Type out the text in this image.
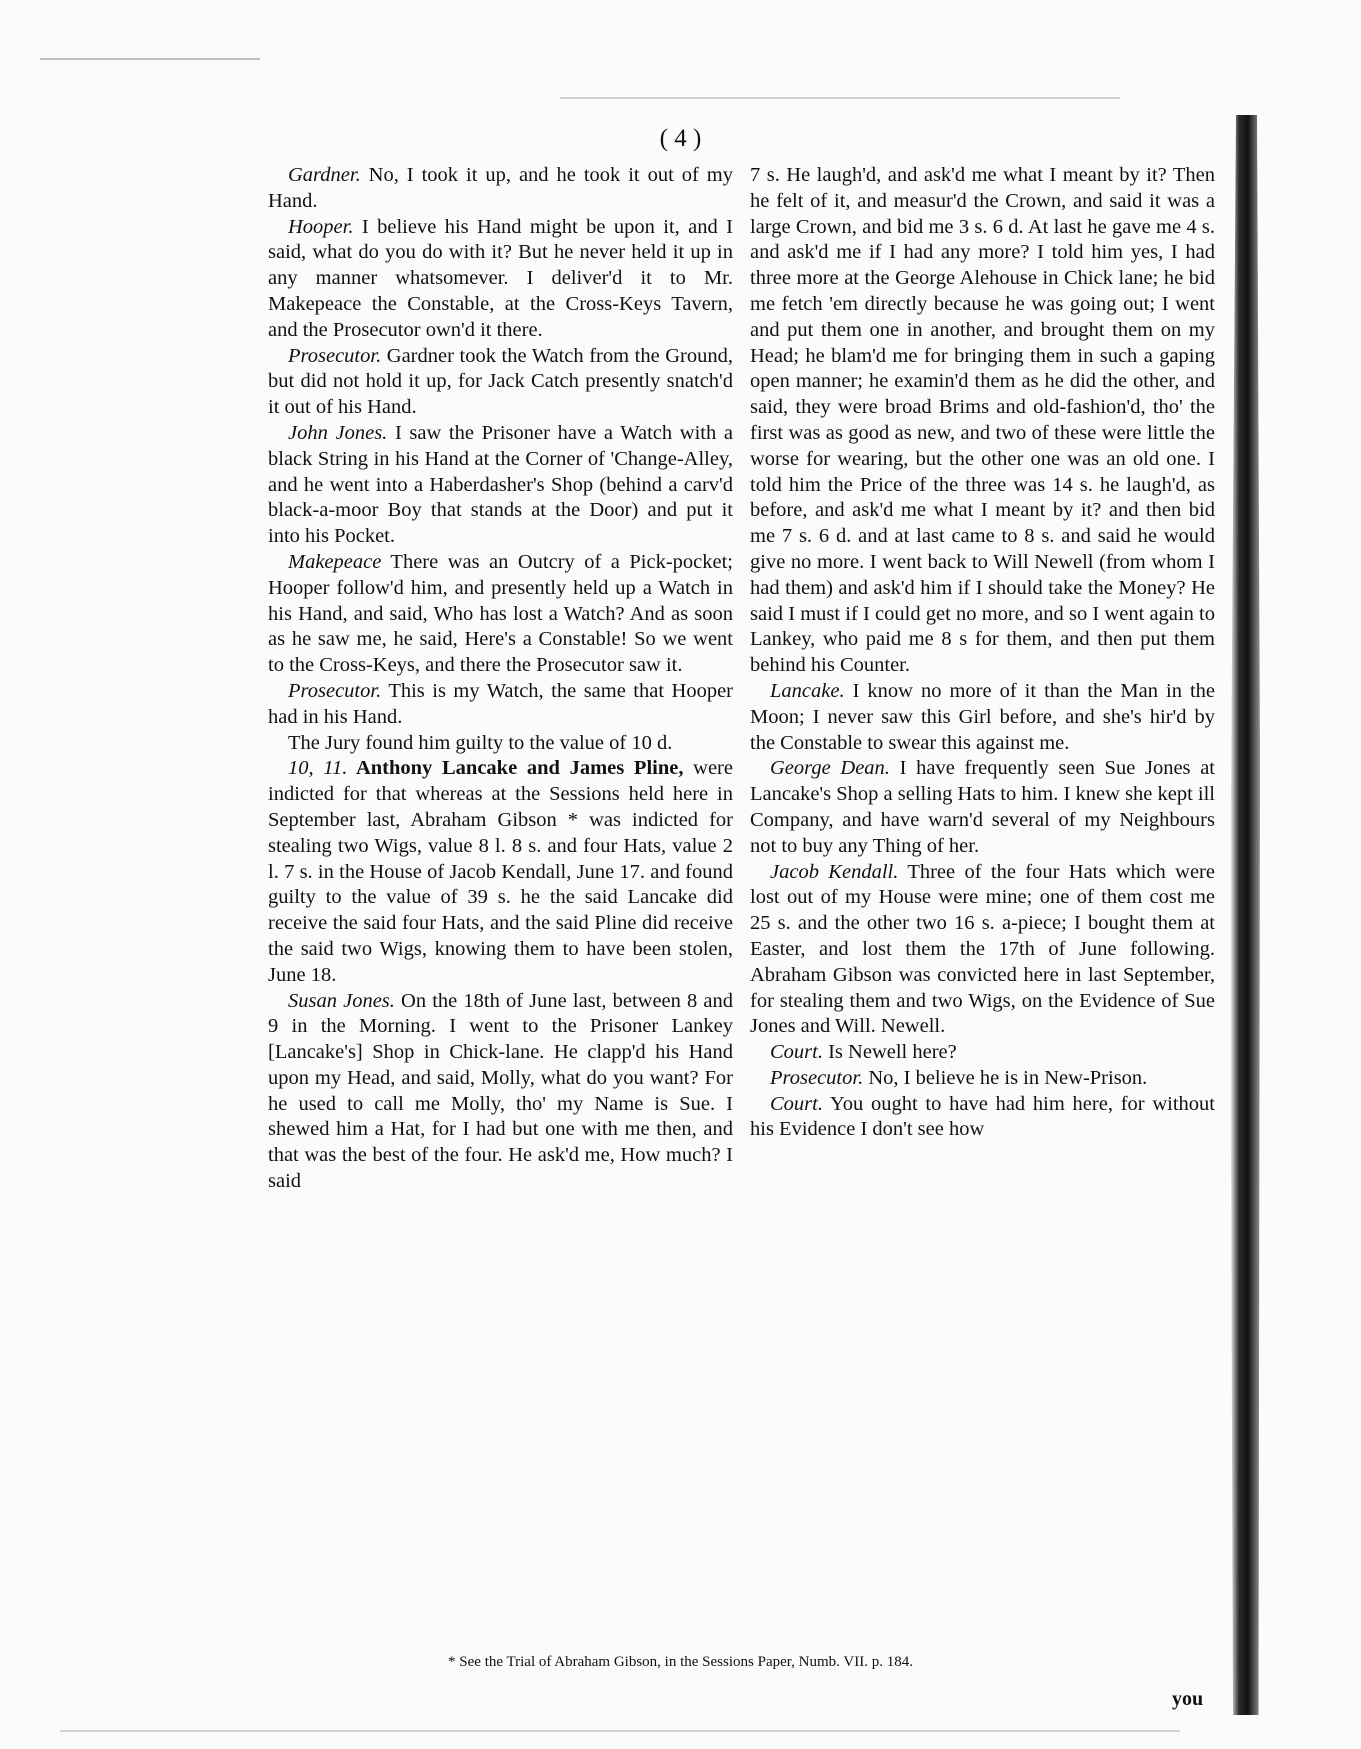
( 4 )

Gardner. No, I took it up, and he took it out of my Hand.

Hooper. I believe his Hand might be upon it, and I said, what do you do with it? But he never held it up in any manner whatsomever. I deliver'd it to Mr. Makepeace the Constable, at the Cross-Keys Tavern, and the Prosecutor own'd it there.

Prosecutor. Gardner took the Watch from the Ground, but did not hold it up, for Jack Catch presently snatch'd it out of his Hand.

John Jones. I saw the Prisoner have a Watch with a black String in his Hand at the Corner of 'Change-Alley, and he went into a Haberdasher's Shop (behind a carv'd black-a-moor Boy that stands at the Door) and put it into his Pocket.

Makepeace There was an Outcry of a Pick-pocket; Hooper follow'd him, and presently held up a Watch in his Hand, and said, Who has lost a Watch? And as soon as he saw me, he said, Here's a Constable! So we went to the Cross-Keys, and there the Prosecutor saw it.

Prosecutor. This is my Watch, the same that Hooper had in his Hand.

The Jury found him guilty to the value of 10 d.

10, 11. Anthony Lancake and James Pline, were indicted for that whereas at the Sessions held here in September last, Abraham Gibson * was indicted for stealing two Wigs, value 8 l. 8 s. and four Hats, value 2 l. 7 s. in the House of Jacob Kendall, June 17. and found guilty to the value of 39 s. he the said Lancake did receive the said four Hats, and the said Pline did receive the said two Wigs, knowing them to have been stolen, June 18.

Susan Jones. On the 18th of June last, between 8 and 9 in the Morning. I went to the Prisoner Lankey [Lancake's] Shop in Chick-lane. He clapp'd his Hand upon my Head, and said, Molly, what do you want? For he used to call me Molly, tho' my Name is Sue. I shewed him a Hat, for I had but one with me then, and that was the best of the four. He ask'd me, How much? I said

7 s. He laugh'd, and ask'd me what I meant by it? Then he felt of it, and measur'd the Crown, and said it was a large Crown, and bid me 3 s. 6 d. At last he gave me 4 s. and ask'd me if I had any more? I told him yes, I had three more at the George Alehouse in Chick lane; he bid me fetch 'em directly because he was going out; I went and put them one in another, and brought them on my Head; he blam'd me for bringing them in such a gaping open manner; he examin'd them as he did the other, and said, they were broad Brims and old-fashion'd, tho' the first was as good as new, and two of these were little the worse for wearing, but the other one was an old one. I told him the Price of the three was 14 s. he laugh'd, as before, and ask'd me what I meant by it? and then bid me 7 s. 6 d. and at last came to 8 s. and said he would give no more. I went back to Will Newell (from whom I had them) and ask'd him if I should take the Money? He said I must if I could get no more, and so I went again to Lankey, who paid me 8 s for them, and then put them behind his Counter.

Lancake. I know no more of it than the Man in the Moon; I never saw this Girl before, and she's hir'd by the Constable to swear this against me.

George Dean. I have frequently seen Sue Jones at Lancake's Shop a selling Hats to him. I knew she kept ill Company, and have warn'd several of my Neighbours not to buy any Thing of her.

Jacob Kendall. Three of the four Hats which were lost out of my House were mine; one of them cost me 25 s. and the other two 16 s. a-piece; I bought them at Easter, and lost them the 17th of June following. Abraham Gibson was convicted here in last September, for stealing them and two Wigs, on the Evidence of Sue Jones and Will. Newell.

Court. Is Newell here?

Prosecutor. No, I believe he is in New-Prison.

Court. You ought to have had him here, for without his Evidence I don't see how

* See the Trial of Abraham Gibson, in the Sessions Paper, Numb. VII. p. 184.
you
